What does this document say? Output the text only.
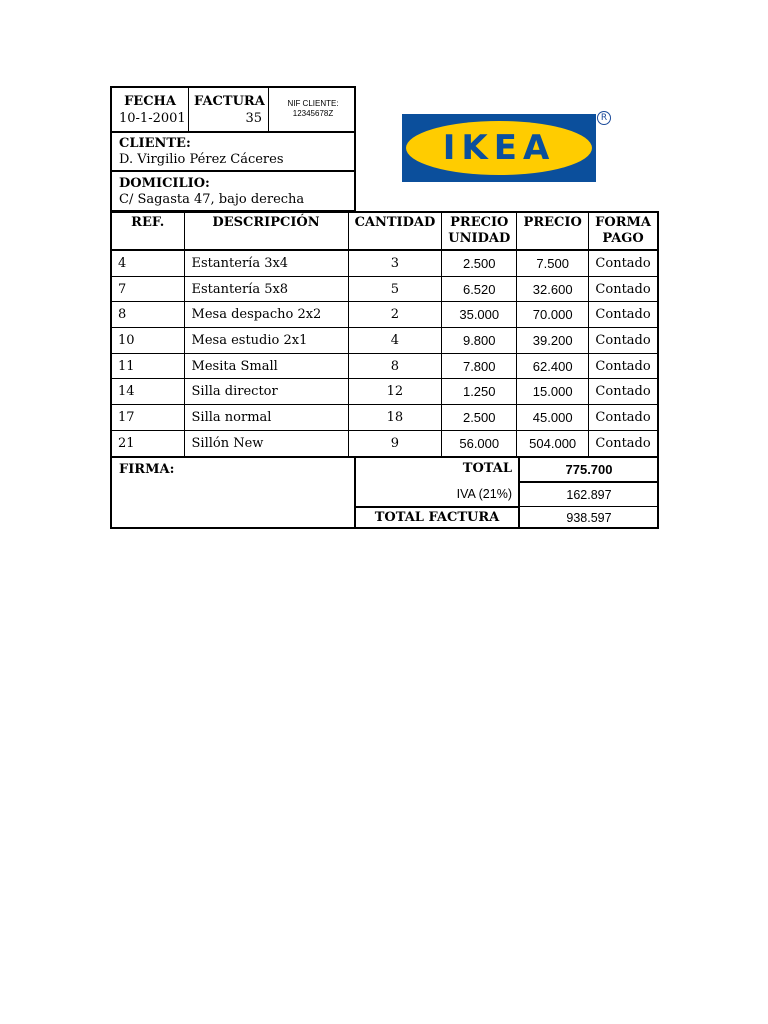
FECHA
10-1-2001
FACTURA
35
NIF CLIENTE:
12345678Z
CLIENTE:
D. Virgilio Pérez Cáceres
DOMICILIO:
C/ Sagasta 47, bajo derecha
IKEA
R
REF.	DESCRIPCIÓN	CANTIDAD	PRECIO UNIDAD	PRECIO	FORMA PAGO
4	Estantería 3x4	3	2.500	7.500	Contado
7	Estantería 5x8	5	6.520	32.600	Contado
8	Mesa despacho 2x2	2	35.000	70.000	Contado
10	Mesa estudio 2x1	4	9.800	39.200	Contado
11	Mesita Small	8	7.800	62.400	Contado
14	Silla director	12	1.250	15.000	Contado
17	Silla normal	18	2.500	45.000	Contado
21	Sillón New	9	56.000	504.000	Contado
FIRMA:	TOTAL	775.700
IVA (21%)	162.897
TOTAL FACTURA	938.597
